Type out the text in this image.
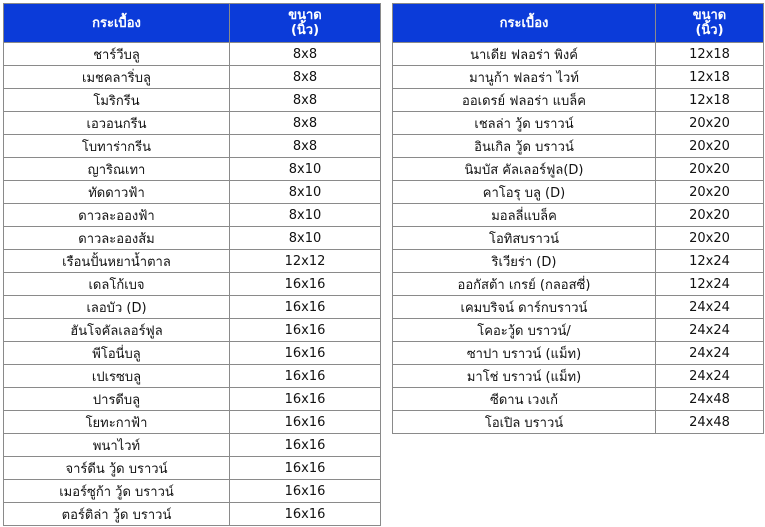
กระเบื้อง	ขนาด
(นิ้ว)

ชาร์วีบลู	8x8
เมชคลาริ่บลู	8x8
โมริกรีน	8x8
เอวอนกรีน	8x8
โบทาร่ากรีน	8x8
ญาริณเทา	8x10
ทัดดาวฟ้า	8x10
ดาวละอองฟ้า	8x10
ดาวละอองส้ม	8x10
เรือนปั้นหยาน้ำตาล	12x12
เดลโก้เบจ	16x16
เลอบัว (D)	16x16
ฮันโจคัลเลอร์ฟูล	16x16
พีโอนี่บลู	16x16
เปเรซบลู	16x16
ปารดีบลู	16x16
โยทะกาฟ้า	16x16
พนาไวท์	16x16
จาร์ดีน วู้ด บราวน์	16x16
เมอร์ซูก้า วู้ด บราวน์	16x16
ตอร์ติล่า วู้ด บราวน์	16x16
กระเบื้อง	ขนาด
(นิ้ว)

นาเดีย ฟลอร่า พิงค์	12x18
มานูก้า ฟลอร่า ไวท์	12x18
ออเดรย์ ฟลอร่า แบล็ค	12x18
เชลล่า วู้ด บราวน์	20x20
อินเกิล วู้ด บราวน์	20x20
นิมบัส คัลเลอร์ฟูล(D)	20x20
คาโอรุ บลู (D)	20x20
มอลลี่แบล็ค	20x20
โอทิสบราวน์	20x20
ริเวียร่า (D)	12x24
ออกัสต้า เกรย์ (กลอสซี่)	12x24
เคมบริจน์ ดาร์กบราวน์	24x24
โคอะวู้ด บราวน์/	24x24
ซาปา บราวน์ (แม็ท)	24x24
มาโช่ บราวน์ (แม็ท)	24x24
ซีดาน เวงเก้	24x48
โอเปิล บราวน์	24x48
